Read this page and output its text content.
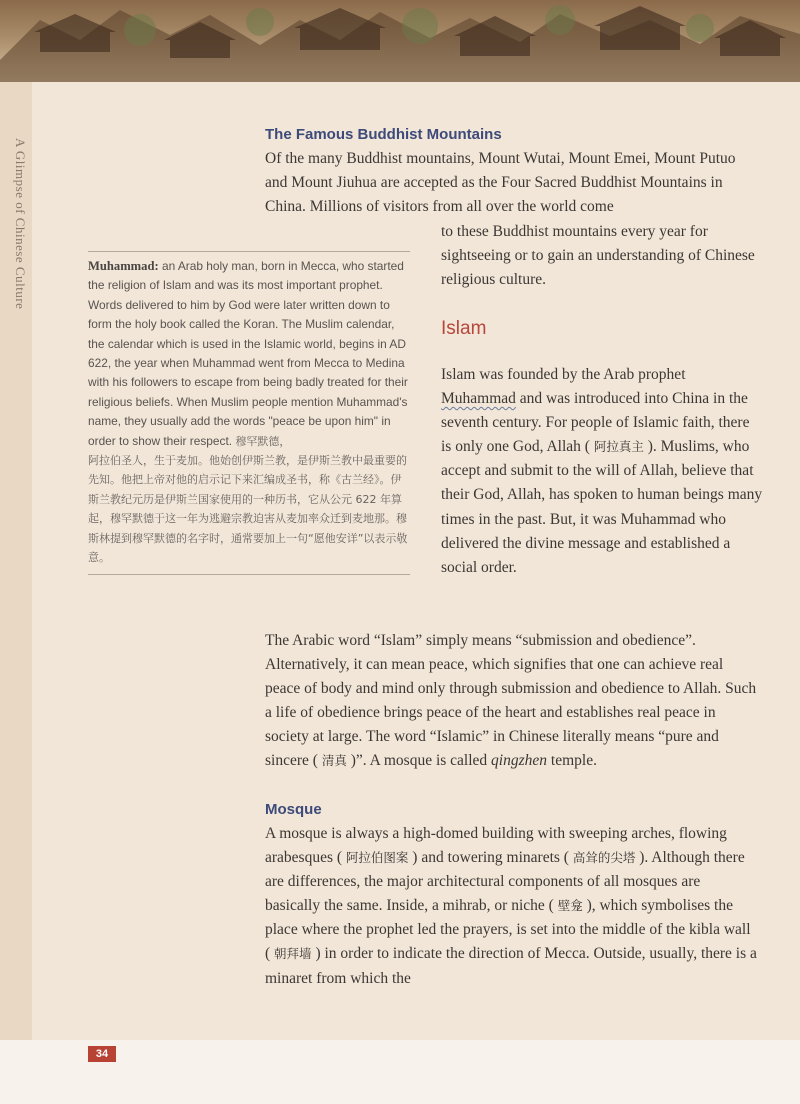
A Glimpse of Chinese Culture
The Famous Buddhist Mountains

Of the many Buddhist mountains, Mount Wutai, Mount Emei, Mount Putuo and Mount Jiuhua are accepted as the Four Sacred Buddhist Mountains in China. Millions of visitors from all over the world come

to these Buddhist mountains every year for sightseeing or to gain an understanding of Chinese religious culture.

Muhammad: an Arab holy man, born in Mecca, who started the religion of Islam and was its most important prophet. Words delivered to him by God were later written down to form the holy book called the Koran. The Muslim calendar, the calendar which is used in the Islamic world, begins in AD 622, the year when Muhammad went from Mecca to Medina with his followers to escape from being badly treated for their religious beliefs. When Muslim people mention Muhammad's name, they usually add the words "peace be upon him" in order to show their respect. 穆罕默德，
阿拉伯圣人，生于麦加。他始创伊斯兰教，是伊斯兰教中最重要的先知。他把上帝对他的启示记下来汇编成圣书，称《古兰经》。伊斯兰教纪元历是伊斯兰国家使用的一种历书，它从公元 622 年算起，穆罕默德于这一年为逃避宗教迫害从麦加率众迁到麦地那。穆斯林提到穆罕默德的名字时，通常要加上一句“愿他安详”以表示敬意。
Islam

Islam was founded by the Arab prophet Muhammad and was introduced into China in the seventh century. For people of Islamic faith, there is only one God, Allah ( 阿拉真主 ). Muslims, who accept and submit to the will of Allah, believe that their God, Allah, has spoken to human beings many times in the past. But, it was Muhammad who delivered the divine message and established a social order.

The Arabic word “Islam” simply means “submission and obedience”. Alternatively, it can mean peace, which signifies that one can achieve real peace of body and mind only through submission and obedience to Allah. Such a life of obedience brings peace of the heart and establishes real peace in society at large. The word “Islamic” in Chinese literally means “pure and sincere ( 清真 )”. A mosque is called qingzhen temple.

Mosque

A mosque is always a high-domed building with sweeping arches, flowing arabesques ( 阿拉伯图案 ) and towering minarets ( 高耸的尖塔 ). Although there are differences, the major architectural components of all mosques are basically the same. Inside, a mihrab, or niche ( 壁龛 ), which symbolises the place where the prophet led the prayers, is set into the middle of the kibla wall ( 朝拜墙 ) in order to indicate the direction of Mecca. Outside, usually, there is a minaret from which the

34
